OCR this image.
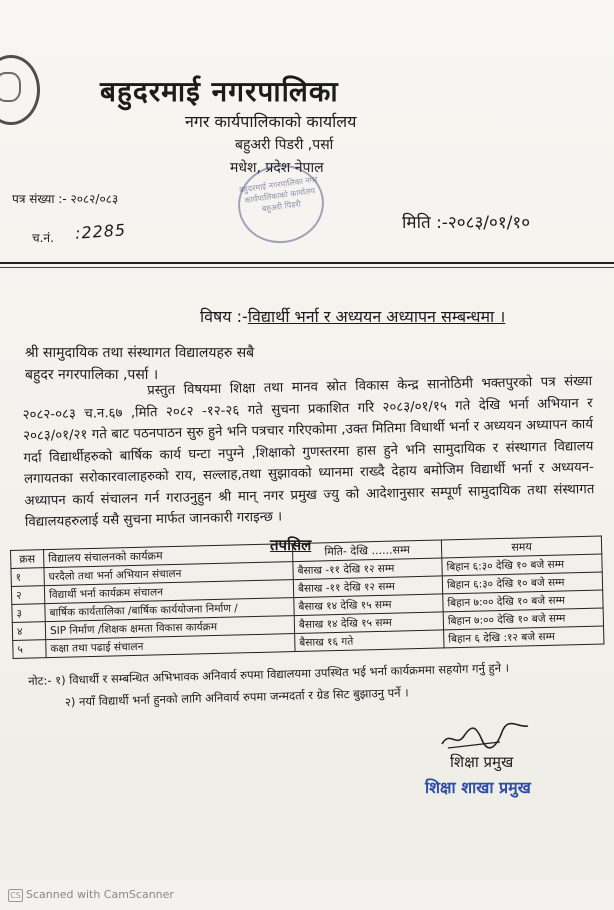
बहुदरमाई नगरपालिका
नगर कार्यपालिकाको कार्यालय
बहुअरी पिडरी ,पर्सा
मधेश, प्रदेश नेपाल
बहुदरमाई नगरपालिका नगर कार्यपालिकाको कार्यालय बहुअरी पिडरी
पत्र संख्या :- २०८२/०८३
च.नं. :2285	मिति :-२०८३/०१/१०
विषय :-विद्यार्थी भर्ना र अध्ययन अध्यापन सम्बन्धमा ।
श्री सामुदायिक तथा संस्थागत विद्यालयहरु सबै
बहुदर नगरपालिका ,पर्सा ।
प्रस्तुत विषयमा शिक्षा तथा मानव स्रोत विकास केन्द्र सानोठिमी भक्तपुरको पत्र संख्या २०८२-०८३ च.न.६७ ,मिति २०८२ -१२-२६ गते सुचना प्रकाशित गरि २०८३/०१/१५ गते देखि भर्ना अभियान र २०८३/०१/२१ गते बाट पठनपाठन सुरु हुने भनि पत्रचार गरिएकोमा ,उक्त मितिमा विधार्थी भर्ना र अध्ययन अध्यापन कार्य गर्दा विद्यार्थीहरुको बार्षिक कार्य घन्टा नपुग्ने ,शिक्षाको गुणस्तरमा हास हुने भनि सामुदायिक र संस्थागत विद्यालय लगायतका सरोकारवालाहरुको राय, सल्लाह,तथा सुझावको ध्यानमा राख्दै देहाय बमोजिम विद्यार्थी भर्ना र अध्ययन-अध्यापन कार्य संचालन गर्न गराउनुहुन श्री मान् नगर प्रमुख ज्यु को आदेशानुसार सम्पूर्ण सामुदायिक तथा संस्थागत विद्यालयहरुलाई यसै सुचना मार्फत जानकारी गराइन्छ ।
तपसिल
क्रस	विद्यालय संचालनको कार्यक्रम	मिति- देखि ......सम्म	समय
१	घरदैलो तथा भर्ना अभियान संचालन	बैसाख -११ देखि १२ सम्म	बिहान ६:३० देखि १० बजे सम्म
२	विद्यार्थी भर्ना कार्यक्रम संचालन	बैसाख -११ देखि १२ सम्म	बिहान ६:३० देखि १० बजे सम्म
३	बार्षिक कार्यतालिका /बार्षिक कार्ययोजना निर्माण /	बैसाख १४ देखि १५ सम्म	बिहान ७:०० देखि १० बजे सम्म
४	SIP निर्माण /शिक्षक क्षमता विकास कार्यक्रम	बैसाख १४ देखि १५ सम्म	बिहान ७:०० देखि १० बजे सम्म
५	कक्षा तथा पढाई संचालन	बैसाख १६ गते	बिहान ६ देखि :१२ बजे सम्म
नोट:- १) विधार्थी र सम्बन्धित अभिभावक अनिवार्य रुपमा विद्यालयमा उपस्थित भई भर्ना कार्यक्रममा सहयोग गर्नु हुने ।
२) नयाँ विद्यार्थी भर्ना हुनको लागि अनिवार्य रुपमा जन्मदर्ता र ग्रेड सिट बुझाउनु पर्ने ।
शिक्षा प्रमुख
शिक्षा शाखा प्रमुख
CS Scanned with CamScanner
